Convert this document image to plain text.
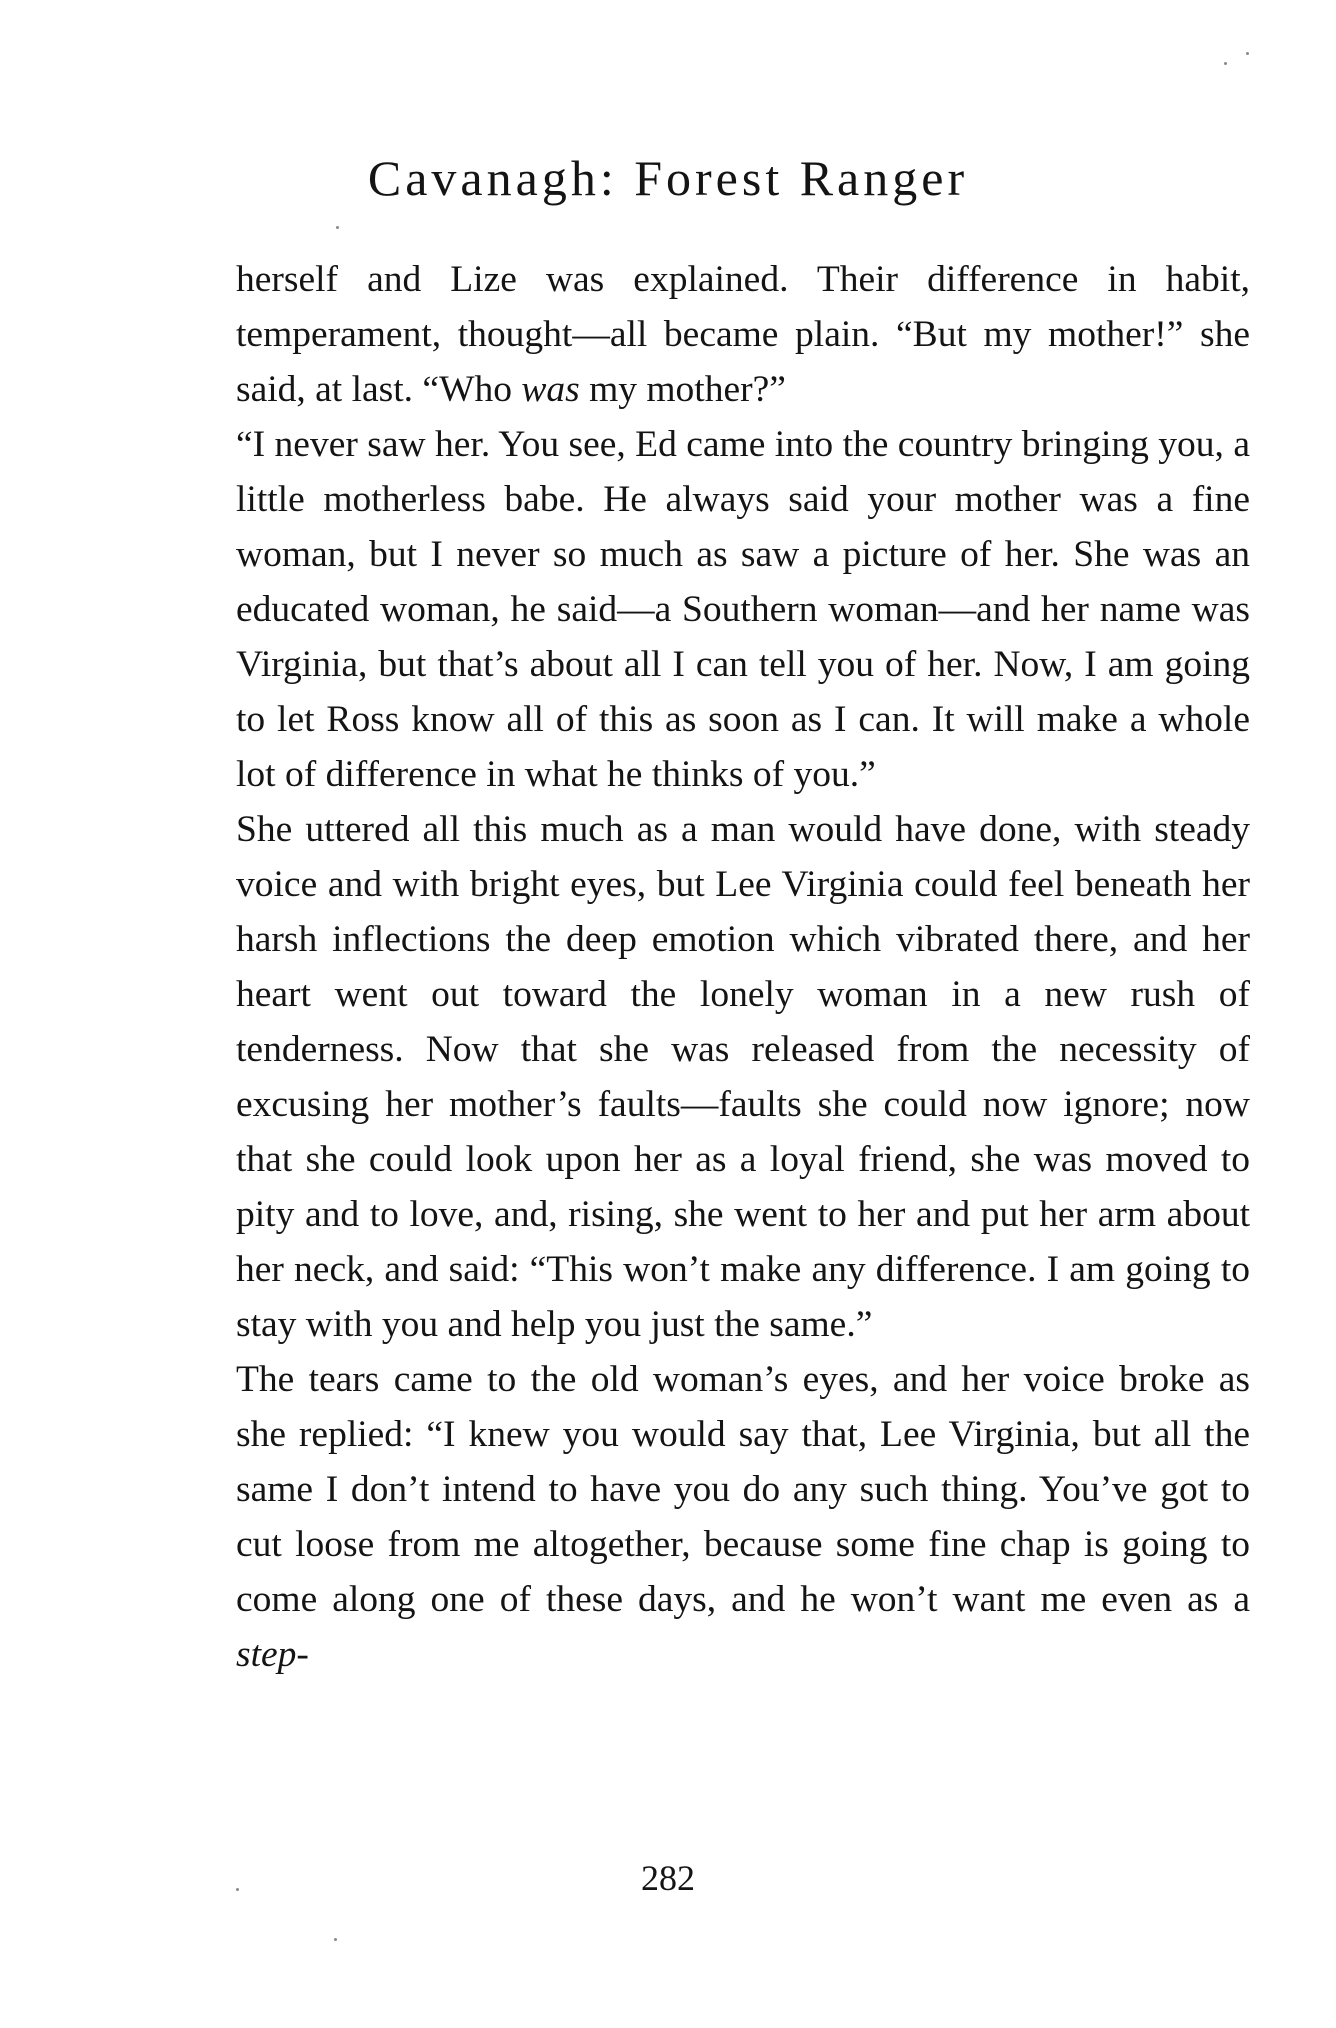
Cavanagh: Forest Ranger

herself and Lize was explained. Their difference in habit, temperament, thought—all became plain. “But my mother!” she said, at last. “Who was my mother?”

“I never saw her. You see, Ed came into the country bringing you, a little motherless babe. He always said your mother was a fine woman, but I never so much as saw a picture of her. She was an educated woman, he said—a Southern woman—and her name was Virginia, but that’s about all I can tell you of her. Now, I am going to let Ross know all of this as soon as I can. It will make a whole lot of difference in what he thinks of you.”

She uttered all this much as a man would have done, with steady voice and with bright eyes, but Lee Virginia could feel beneath her harsh inflections the deep emotion which vibrated there, and her heart went out toward the lonely woman in a new rush of tenderness. Now that she was released from the necessity of excusing her mother’s faults—faults she could now ignore; now that she could look upon her as a loyal friend, she was moved to pity and to love, and, rising, she went to her and put her arm about her neck, and said: “This won’t make any difference. I am going to stay with you and help you just the same.”

The tears came to the old woman’s eyes, and her voice broke as she replied: “I knew you would say that, Lee Virginia, but all the same I don’t intend to have you do any such thing. You’ve got to cut loose from me altogether, because some fine chap is going to come along one of these days, and he won’t want me even as a step-

282
